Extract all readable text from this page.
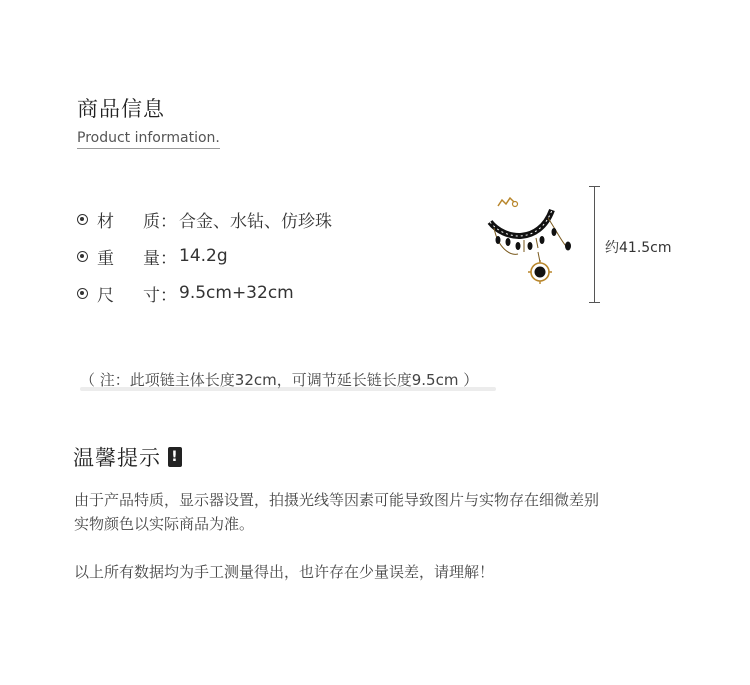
商品信息
Product information.
材 质： 合金、水钻、仿珍珠
重 量： 14.2g
尺 寸： 9.5cm+32cm
约41.5cm
（ 注：此项链主体长度32cm，可调节延长链长度9.5cm ）
温馨提示 !
由于产品特质，显示器设置，拍摄光线等因素可能导致图片与实物存在细微差别
实物颜色以实际商品为准。
以上所有数据均为手工测量得出，也许存在少量误差，请理解！
